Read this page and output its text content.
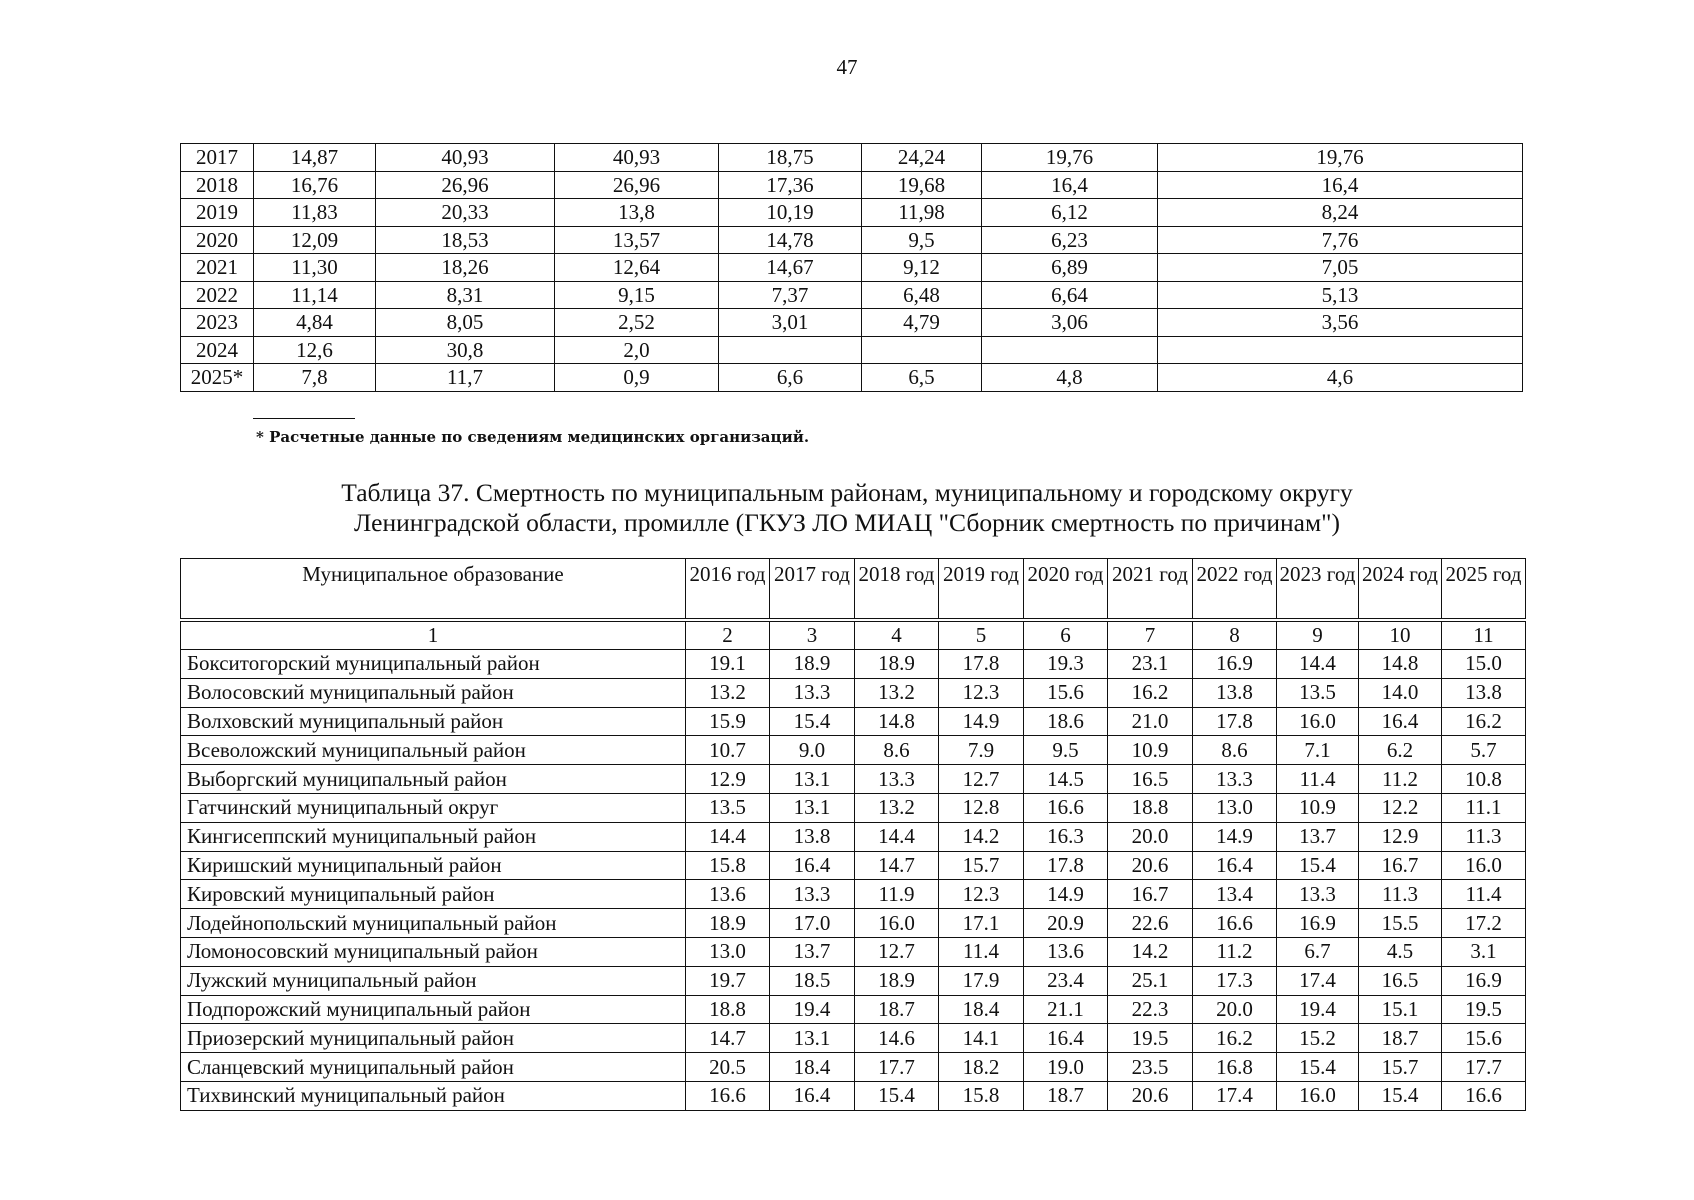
47
2017	14,87	40,93	40,93	18,75	24,24	19,76	19,76
2018	16,76	26,96	26,96	17,36	19,68	16,4	16,4
2019	11,83	20,33	13,8	10,19	11,98	6,12	8,24
2020	12,09	18,53	13,57	14,78	9,5	6,23	7,76
2021	11,30	18,26	12,64	14,67	9,12	6,89	7,05
2022	11,14	8,31	9,15	7,37	6,48	6,64	5,13
2023	4,84	8,05	2,52	3,01	4,79	3,06	3,56
2024	12,6	30,8	2,0				
2025*	7,8	11,7	0,9	6,6	6,5	4,8	4,6
* Расчетные данные по сведениям медицинских организаций.
Таблица 37. Смертность по муниципальным районам, муниципальному и городскому округу
Ленинградской области, промилле (ГКУЗ ЛО МИАЦ "Сборник смертность по причинам")
Муниципальное образование	2016 год	2017 год	2018 год	2019 год	2020 год	2021 год	2022 год	2023 год	2024 год	2025 год
1	2	3	4	5	6	7	8	9	10	11
Бокситогорский муниципальный район	19.1	18.9	18.9	17.8	19.3	23.1	16.9	14.4	14.8	15.0
Волосовский муниципальный район	13.2	13.3	13.2	12.3	15.6	16.2	13.8	13.5	14.0	13.8
Волховский муниципальный район	15.9	15.4	14.8	14.9	18.6	21.0	17.8	16.0	16.4	16.2
Всеволожский муниципальный район	10.7	9.0	8.6	7.9	9.5	10.9	8.6	7.1	6.2	5.7
Выборгский муниципальный район	12.9	13.1	13.3	12.7	14.5	16.5	13.3	11.4	11.2	10.8
Гатчинский муниципальный округ	13.5	13.1	13.2	12.8	16.6	18.8	13.0	10.9	12.2	11.1
Кингисеппский муниципальный район	14.4	13.8	14.4	14.2	16.3	20.0	14.9	13.7	12.9	11.3
Киришский муниципальный район	15.8	16.4	14.7	15.7	17.8	20.6	16.4	15.4	16.7	16.0
Кировский муниципальный район	13.6	13.3	11.9	12.3	14.9	16.7	13.4	13.3	11.3	11.4
Лодейнопольский муниципальный район	18.9	17.0	16.0	17.1	20.9	22.6	16.6	16.9	15.5	17.2
Ломоносовский муниципальный район	13.0	13.7	12.7	11.4	13.6	14.2	11.2	6.7	4.5	3.1
Лужский муниципальный район	19.7	18.5	18.9	17.9	23.4	25.1	17.3	17.4	16.5	16.9
Подпорожский муниципальный район	18.8	19.4	18.7	18.4	21.1	22.3	20.0	19.4	15.1	19.5
Приозерский муниципальный район	14.7	13.1	14.6	14.1	16.4	19.5	16.2	15.2	18.7	15.6
Сланцевский муниципальный район	20.5	18.4	17.7	18.2	19.0	23.5	16.8	15.4	15.7	17.7
Тихвинский муниципальный район	16.6	16.4	15.4	15.8	18.7	20.6	17.4	16.0	15.4	16.6
